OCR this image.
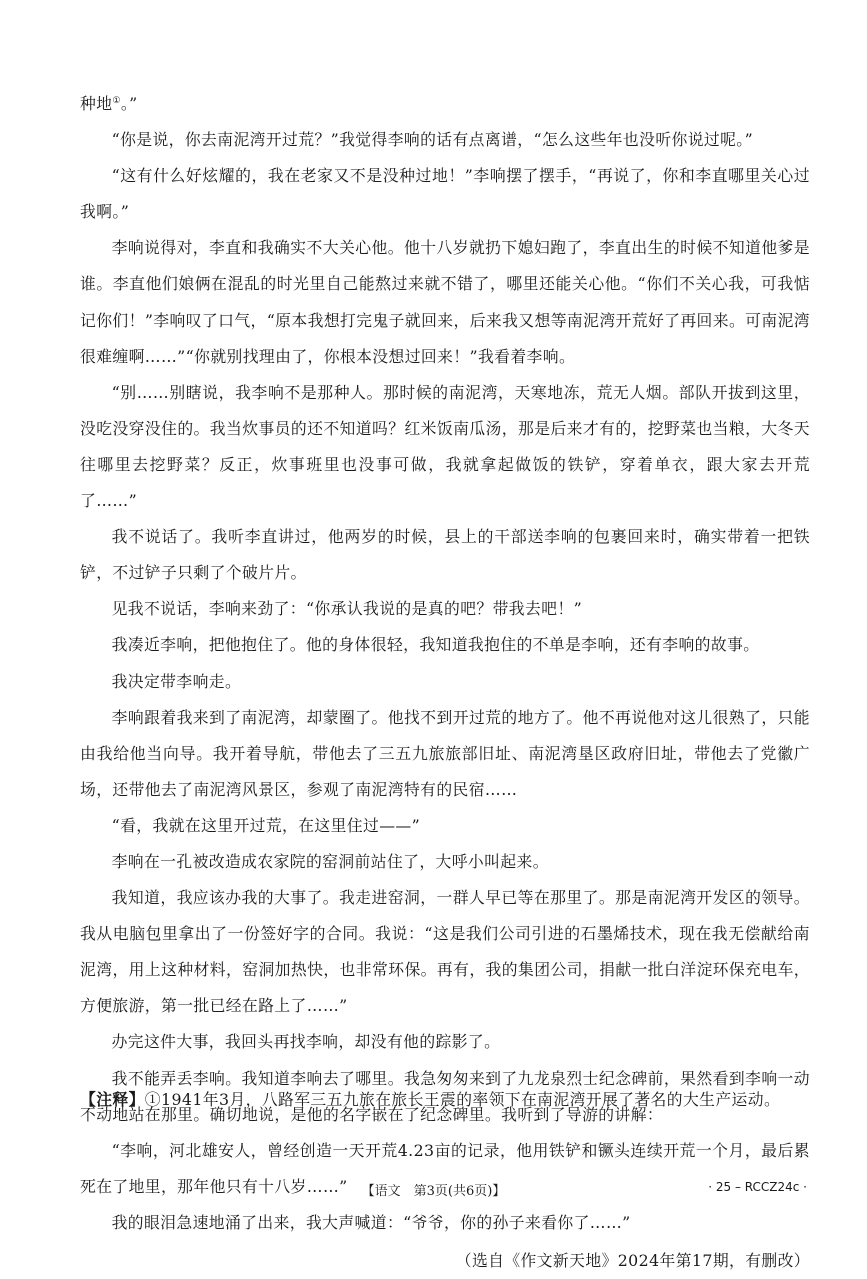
种地①。”

“你是说，你去南泥湾开过荒？”我觉得李响的话有点离谱，“怎么这些年也没听你说过呢。”

“这有什么好炫耀的，我在老家又不是没种过地！”李响摆了摆手，“再说了，你和李直哪里关心过我啊。”

李响说得对，李直和我确实不大关心他。他十八岁就扔下媳妇跑了，李直出生的时候不知道他爹是谁。李直他们娘俩在混乱的时光里自己能熬过来就不错了，哪里还能关心他。“你们不关心我，可我惦记你们！”李响叹了口气，“原本我想打完鬼子就回来，后来我又想等南泥湾开荒好了再回来。可南泥湾很难缠啊……”“你就别找理由了，你根本没想过回来！”我看着李响。

“别……别瞎说，我李响不是那种人。那时候的南泥湾，天寒地冻，荒无人烟。部队开拔到这里，没吃没穿没住的。我当炊事员的还不知道吗？红米饭南瓜汤，那是后来才有的，挖野菜也当粮，大冬天往哪里去挖野菜？反正，炊事班里也没事可做，我就拿起做饭的铁铲，穿着单衣，跟大家去开荒了……”

我不说话了。我听李直讲过，他两岁的时候，县上的干部送李响的包裹回来时，确实带着一把铁铲，不过铲子只剩了个破片片。

见我不说话，李响来劲了：“你承认我说的是真的吧？带我去吧！”

我凑近李响，把他抱住了。他的身体很轻，我知道我抱住的不单是李响，还有李响的故事。

我决定带李响走。

李响跟着我来到了南泥湾，却蒙圈了。他找不到开过荒的地方了。他不再说他对这儿很熟了，只能由我给他当向导。我开着导航，带他去了三五九旅旅部旧址、南泥湾垦区政府旧址，带他去了党徽广场，还带他去了南泥湾风景区，参观了南泥湾特有的民宿……

“看，我就在这里开过荒，在这里住过——”

李响在一孔被改造成农家院的窑洞前站住了，大呼小叫起来。

我知道，我应该办我的大事了。我走进窑洞，一群人早已等在那里了。那是南泥湾开发区的领导。我从电脑包里拿出了一份签好字的合同。我说：“这是我们公司引进的石墨烯技术，现在我无偿献给南泥湾，用上这种材料，窑洞加热快，也非常环保。再有，我的集团公司，捐献一批白洋淀环保充电车，方便旅游，第一批已经在路上了……”

办完这件大事，我回头再找李响，却没有他的踪影了。

我不能弄丢李响。我知道李响去了哪里。我急匆匆来到了九龙泉烈士纪念碑前，果然看到李响一动不动地站在那里。确切地说，是他的名字嵌在了纪念碑里。我听到了导游的讲解：

“李响，河北雄安人，曾经创造一天开荒4.23亩的记录，他用铁铲和镢头连续开荒一个月，最后累死在了地里，那年他只有十八岁……”

我的眼泪急速地涌了出来，我大声喊道：“爷爷，你的孙子来看你了……”

（选自《作文新天地》2024年第17期，有删改）

【注释】①1941年3月，八路军三五九旅在旅长王震的率领下在南泥湾开展了著名的大生产运动。
【语文　第3页(共6页)】	· 25 – RCCZ24c ·
